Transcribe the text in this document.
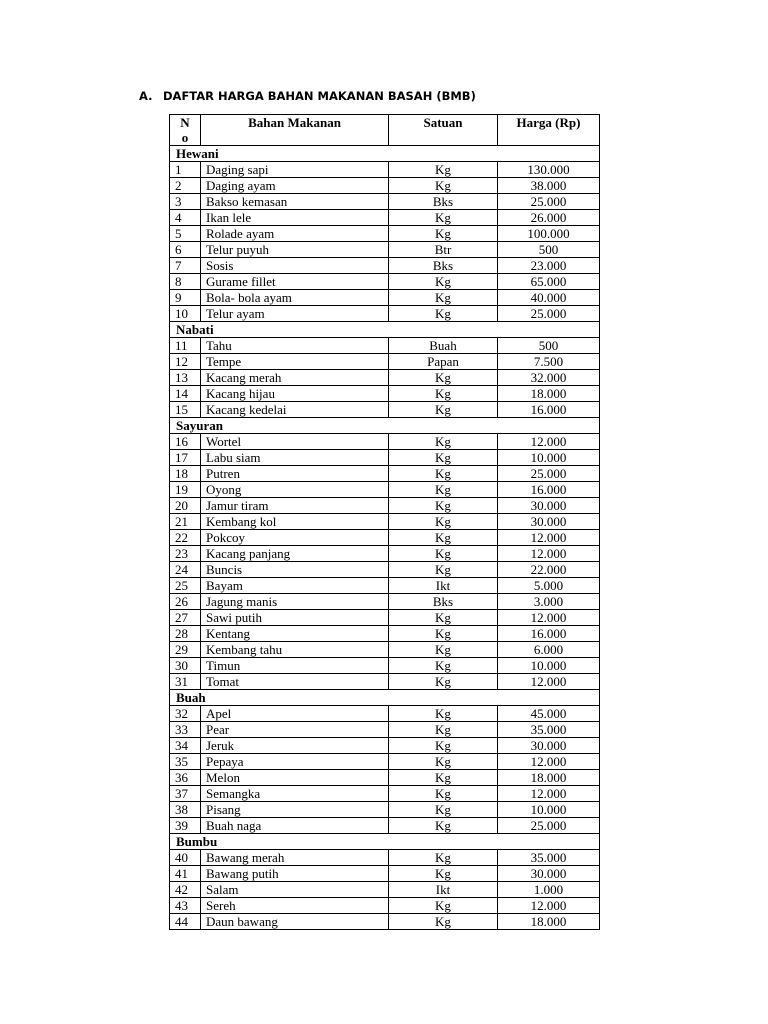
A. DAFTAR HARGA BAHAN MAKANAN BASAH (BMB)
No	Bahan Makanan	Satuan	Harga (Rp)
Hewani			
1	Daging sapi	Kg	130.000
2	Daging ayam	Kg	38.000
3	Bakso kemasan	Bks	25.000
4	Ikan lele	Kg	26.000
5	Rolade ayam	Kg	100.000
6	Telur puyuh	Btr	500
7	Sosis	Bks	23.000
8	Gurame fillet	Kg	65.000
9	Bola- bola ayam	Kg	40.000
10	Telur ayam	Kg	25.000
Nabati			
11	Tahu	Buah	500
12	Tempe	Papan	7.500
13	Kacang merah	Kg	32.000
14	Kacang hijau	Kg	18.000
15	Kacang kedelai	Kg	16.000
Sayuran			
16	Wortel	Kg	12.000
17	Labu siam	Kg	10.000
18	Putren	Kg	25.000
19	Oyong	Kg	16.000
20	Jamur tiram	Kg	30.000
21	Kembang kol	Kg	30.000
22	Pokcoy	Kg	12.000
23	Kacang panjang	Kg	12.000
24	Buncis	Kg	22.000
25	Bayam	Ikt	5.000
26	Jagung manis	Bks	3.000
27	Sawi putih	Kg	12.000
28	Kentang	Kg	16.000
29	Kembang tahu	Kg	6.000
30	Timun	Kg	10.000
31	Tomat	Kg	12.000
Buah			
32	Apel	Kg	45.000
33	Pear	Kg	35.000
34	Jeruk	Kg	30.000
35	Pepaya	Kg	12.000
36	Melon	Kg	18.000
37	Semangka	Kg	12.000
38	Pisang	Kg	10.000
39	Buah naga	Kg	25.000
Bumbu			
40	Bawang merah	Kg	35.000
41	Bawang putih	Kg	30.000
42	Salam	Ikt	1.000
43	Sereh	Kg	12.000
44	Daun bawang	Kg	18.000
